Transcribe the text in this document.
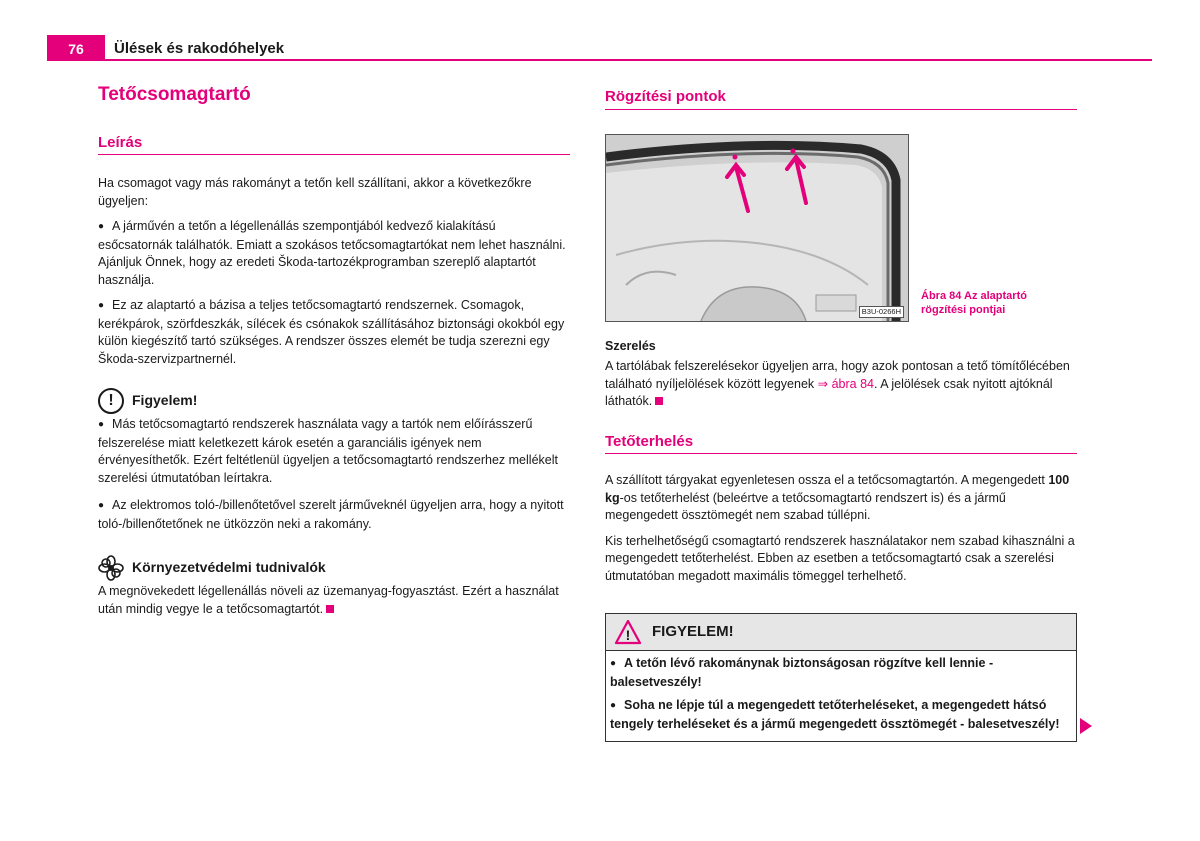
76	Ülések és rakodóhelyek
Tetőcsomagtartó
Leírás

Ha csomagot vagy más rakományt a tetőn kell szállítani, akkor a következőkre ügyeljen:

● A járművén a tetőn a légellenállás szempontjából kedvező kialakítású esőcsatornák találhatók. Emiatt a szokásos tetőcsomagtartókat nem lehet használni. Ajánljuk Önnek, hogy az eredeti Škoda-tartozékprogramban szereplő alaptartót használja.

● Ez az alaptartó a bázisa a teljes tetőcsomagtartó rendszernek. Csomagok, kerékpárok, szörfdeszkák, sílécek és csónakok szállításához biztonsági okokból egy külön kiegészítő tartó szükséges. A rendszer összes elemét be tudja szerezni egy Škoda-szervizpartnernél.

!	Figyelem!

● Más tetőcsomagtartó rendszerek használata vagy a tartók nem előírásszerű felszerelése miatt keletkezett károk esetén a garanciális igények nem érvényesíthetők. Ezért feltétlenül ügyeljen a tetőcsomagtartó rendszerhez mellékelt szerelési útmutatóban leírtakra.

● Az elektromos toló-/billenőtetővel szerelt járműveknél ügyeljen arra, hogy a nyitott toló-/billenőtetőnek ne ütközzön neki a rakomány.

Környezetvédelmi tudnivalók

A megnövekedett légellenállás növeli az üzemanyag-fogyasztást. Ezért a használat után mindig vegye le a tetőcsomagtartót.

Rögzítési pontok
B3U-0266H
Ábra 84 Az alaptartó
rögzítési pontjai
Szerelés

A tartólábak felszerelésekor ügyeljen arra, hogy azok pontosan a tető tömítőlécében található nyíljelölések között legyenek ⇒ ábra 84. A jelölések csak nyitott ajtóknál láthatók.

Tetőterhelés

A szállított tárgyakat egyenletesen ossza el a tetőcsomagtartón. A megengedett 100 kg-os tetőterhelést (beleértve a tetőcsomagtartó rendszert is) és a jármű megengedett össztömegét nem szabad túllépni.

Kis terhelhetőségű csomagtartó rendszerek használatakor nem szabad kihasználni a megengedett tetőterhelést. Ebben az esetben a tetőcsomagtartó csak a szerelési útmutatóban megadott maximális tömeggel terhelhető.

! FIGYELEM!

● A tetőn lévő rakománynak biztonságosan rögzítve kell lennie - balesetveszély!

● Soha ne lépje túl a megengedett tetőterheléseket, a megengedett hátsó tengely terheléseket és a jármű megengedett össztömegét - balesetveszély!
